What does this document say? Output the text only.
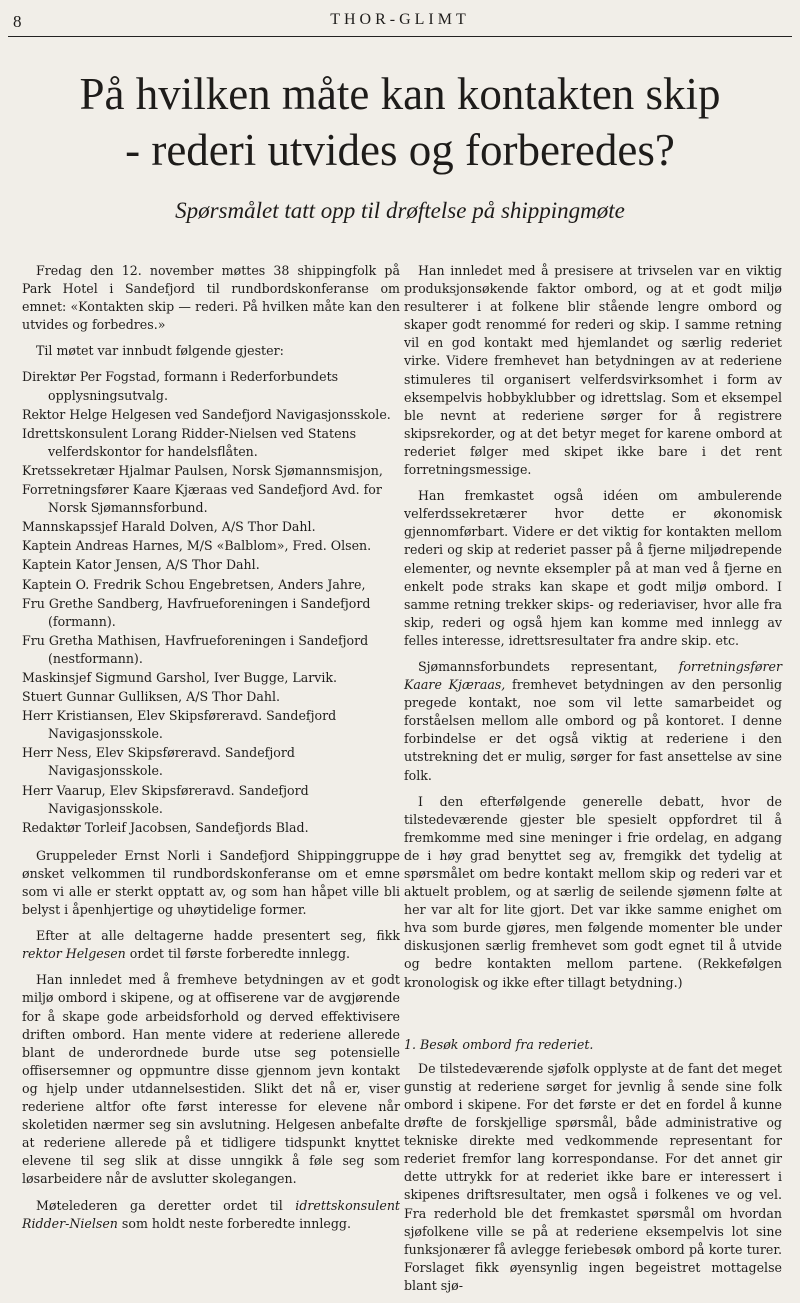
8	THOR-GLIMT
På hvilken måte kan kontakten skip
- rederi utvides og forberedes?
Spørsmålet tatt opp til drøftelse på shippingmøte

Fredag den 12. november møttes 38 shippingfolk på Park Hotel i Sandefjord til rundbordskonferanse om emnet: «Kontakten skip — rederi. På hvilken måte kan den utvides og forbedres.»

Til møtet var innbudt følgende gjester:

Direktør Per Fogstad, formann i Rederforbundets opplysningsutvalg.

Rektor Helge Helgesen ved Sandefjord Navigasjonsskole.

Idrettskonsulent Lorang Ridder-Nielsen ved Statens velferdskontor for handelsflåten.

Kretssekretær Hjalmar Paulsen, Norsk Sjømannsmisjon,

Forretningsfører Kaare Kjæraas ved Sandefjord Avd. for Norsk Sjømannsforbund.

Mannskapssjef Harald Dolven, A/S Thor Dahl.

Kaptein Andreas Harnes, M/S «Balblom», Fred. Olsen.

Kaptein Kator Jensen, A/S Thor Dahl.

Kaptein O. Fredrik Schou Engebretsen, Anders Jahre,

Fru Grethe Sandberg, Havfrueforeningen i Sandefjord (formann).

Fru Gretha Mathisen, Havfrueforeningen i Sandefjord (nestformann).

Maskinsjef Sigmund Garshol, Iver Bugge, Larvik.

Stuert Gunnar Gulliksen, A/S Thor Dahl.

Herr Kristiansen, Elev Skipsføreravd. Sandefjord Navigasjonsskole.

Herr Ness, Elev Skipsføreravd. Sandefjord Navigasjonsskole.

Herr Vaarup, Elev Skipsføreravd. Sandefjord Navigasjonsskole.

Redaktør Torleif Jacobsen, Sandefjords Blad.

Gruppeleder Ernst Norli i Sandefjord Shippinggruppe ønsket velkommen til rundbordskonferanse om et emne som vi alle er sterkt opptatt av, og som han håpet ville bli belyst i åpenhjertige og uhøytidelige former.

Efter at alle deltagerne hadde presentert seg, fikk rektor Helgesen ordet til første forberedte innlegg.

Han innledet med å fremheve betydningen av et godt miljø ombord i skipene, og at offiserene var de avgjørende for å skape gode arbeidsforhold og derved effektivisere driften ombord. Han mente videre at rederiene allerede blant de underordnede burde utse seg potensielle offisersemner og oppmuntre disse gjennom jevn kontakt og hjelp under utdannelsestiden. Slikt det nå er, viser rederiene altfor ofte først interesse for elevene når skoletiden nærmer seg sin avslutning. Helgesen anbefalte at rederiene allerede på et tidligere tidspunkt knyttet elevene til seg slik at disse unngikk å føle seg som løsarbeidere når de avslutter skolegangen.

Møtelederen ga deretter ordet til idrettskonsulent Ridder-Nielsen som holdt neste forberedte innlegg.

Han innledet med å presisere at trivselen var en viktig produksjonsøkende faktor ombord, og at et godt miljø resulterer i at folkene blir stående lengre ombord og skaper godt renommé for rederi og skip. I samme retning vil en god kontakt med hjemlandet og særlig rederiet virke. Videre fremhevet han betydningen av at rederiene stimuleres til organisert velferdsvirksomhet i form av eksempelvis hobbyklubber og idrettslag. Som et eksempel ble nevnt at rederiene sørger for å registrere skipsrekorder, og at det betyr meget for karene ombord at rederiet følger med skipet ikke bare i det rent forretningsmessige.

Han fremkastet også idéen om ambulerende velferdssekretærer hvor dette er økonomisk gjennomførbart. Videre er det viktig for kontakten mellom rederi og skip at rederiet passer på å fjerne miljødrepende elementer, og nevnte eksempler på at man ved å fjerne en enkelt pode straks kan skape et godt miljø ombord. I samme retning trekker skips- og rederiaviser, hvor alle fra skip, rederi og også hjem kan komme med innlegg av felles interesse, idrettsresultater fra andre skip. etc.

Sjømannsforbundets representant, forretningsfører Kaare Kjæraas, fremhevet betydningen av den personlig pregede kontakt, noe som vil lette samarbeidet og forståelsen mellom alle ombord og på kontoret. I denne forbindelse er det også viktig at rederiene i den utstrekning det er mulig, sørger for fast ansettelse av sine folk.

I den efterfølgende generelle debatt, hvor de tilstedeværende gjester ble spesielt oppfordret til å fremkomme med sine meninger i frie ordelag, en adgang de i høy grad benyttet seg av, fremgikk det tydelig at spørsmålet om bedre kontakt mellom skip og rederi var et aktuelt problem, og at særlig de seilende sjømenn følte at her var alt for lite gjort. Det var ikke samme enighet om hva som burde gjøres, men følgende momenter ble under diskusjonen særlig fremhevet som godt egnet til å utvide og bedre kontakten mellom partene. (Rekkefølgen kronologisk og ikke efter tillagt betydning.)

1. Besøk ombord fra rederiet.

De tilstedeværende sjøfolk opplyste at de fant det meget gunstig at rederiene sørget for jevnlig å sende sine folk ombord i skipene. For det første er det en fordel å kunne drøfte de forskjellige spørsmål, både administrative og tekniske direkte med vedkommende representant for rederiet fremfor lang korrespondanse. For det annet gir dette uttrykk for at rederiet ikke bare er interessert i skipenes driftsresultater, men også i folkenes ve og vel. Fra rederhold ble det fremkastet spørsmål om hvordan sjøfolkene ville se på at rederiene eksempelvis lot sine funksjonærer få avlegge feriebesøk ombord på korte turer. Forslaget fikk øyensynlig ingen begeistret mottagelse blant sjø-
